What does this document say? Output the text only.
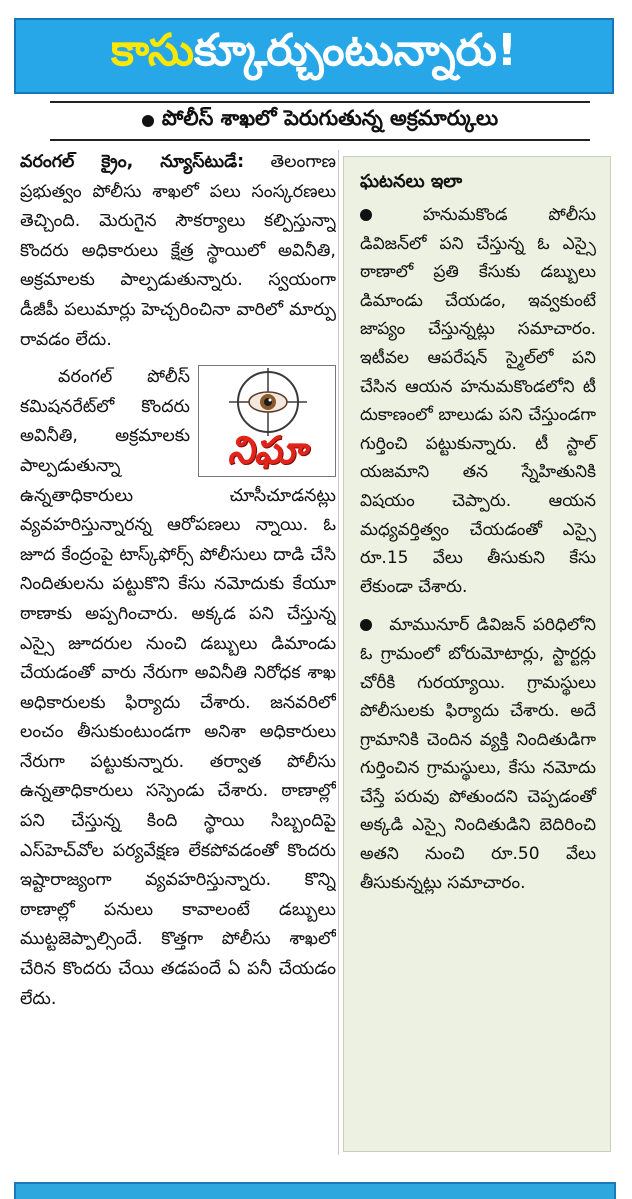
కాసుక్కూర్చుంటున్నారు!
పోలీస్ శాఖలో పెరుగుతున్న అక్రమార్కులు

వరంగల్ క్రైం, న్యూస్‌టుడే: తెలంగాణ ప్రభుత్వం పోలీసు శాఖలో పలు సంస్కరణలు తెచ్చింది. మెరుగైన సౌకర్యాలు కల్పిస్తున్నా కొందరు అధికారులు క్షేత్ర స్థాయిలో అవినీతి, అక్రమాలకు పాల్పడుతున్నారు. స్వయంగా డీజీపీ పలుమార్లు హెచ్చరించినా వారిలో మార్పు రావడం లేదు.

నిఘా

వరంగల్ పోలీస్ కమిషనరేట్‌లో కొందరు అవినీతి, అక్రమాలకు పాల్పడుతున్నా ఉన్నతాధికారులు చూసీచూడనట్లు వ్యవహరిస్తున్నారన్న ఆరోపణలు న్నాయి. ఓ జూద కేంద్రంపై టాస్క్‌ఫోర్స్ పోలీసులు దాడి చేసి నిందితులను పట్టుకొని కేసు నమోదుకు కేయూ ఠాణాకు అప్పగించారు. అక్కడ పని చేస్తున్న ఎస్సై జూదరుల నుంచి డబ్బులు డిమాండు చేయడంతో వారు నేరుగా అవినీతి నిరోధక శాఖ అధికారులకు ఫిర్యాదు చేశారు. జనవరిలో లంచం తీసుకుంటుండగా అనిశా అధికారులు నేరుగా పట్టుకున్నారు. తర్వాత పోలీసు ఉన్నతాధికారులు సస్పెండు చేశారు. ఠాణాల్లో పని చేస్తున్న కింది స్థాయి సిబ్బందిపై ఎస్‌హెచ్‌వోల పర్యవేక్షణ లేకపోవడంతో కొందరు ఇష్టారాజ్యంగా వ్యవహరిస్తున్నారు. కొన్ని ఠాణాల్లో పనులు కావాలంటే డబ్బులు ముట్టజెప్పాల్సిందే. కొత్తగా పోలీసు శాఖలో చేరిన కొందరు చేయి తడపందే ఏ పనీ చేయడం లేదు.

ఘటనలు ఇలా

హనుమకొండ పోలీసు డివిజన్‌లో పని చేస్తున్న ఓ ఎస్సై ఠాణాలో ప్రతి కేసుకు డబ్బులు డిమాండు చేయడం, ఇవ్వకుంటే జాప్యం చేస్తున్నట్లు సమాచారం. ఇటీవల ఆపరేషన్ స్మైల్‌లో పని చేసిన ఆయన హనుమకొండలోని టీ దుకాణంలో బాలుడు పని చేస్తుండగా గుర్తించి పట్టుకున్నారు. టీ స్టాల్ యజమాని తన స్నేహితునికి విషయం చెప్పారు. ఆయన మధ్యవర్తిత్వం చేయడంతో ఎస్సై రూ.15 వేలు తీసుకుని కేసు లేకుండా చేశారు.

మామునూర్ డివిజన్ పరిధిలోని ఓ గ్రామంలో బోరుమోటార్లు, స్టార్టర్లు చోరీకి గురయ్యాయి. గ్రామస్థులు పోలీసులకు ఫిర్యాదు చేశారు. అదే గ్రామానికి చెందిన వ్యక్తి నిందితుడిగా గుర్తించిన గ్రామస్థులు, కేసు నమోదు చేస్తే పరువు పోతుందని చెప్పడంతో అక్కడి ఎస్సై నిందితుడిని బెదిరించి అతని నుంచి రూ.50 వేలు తీసుకున్నట్లు సమాచారం.
